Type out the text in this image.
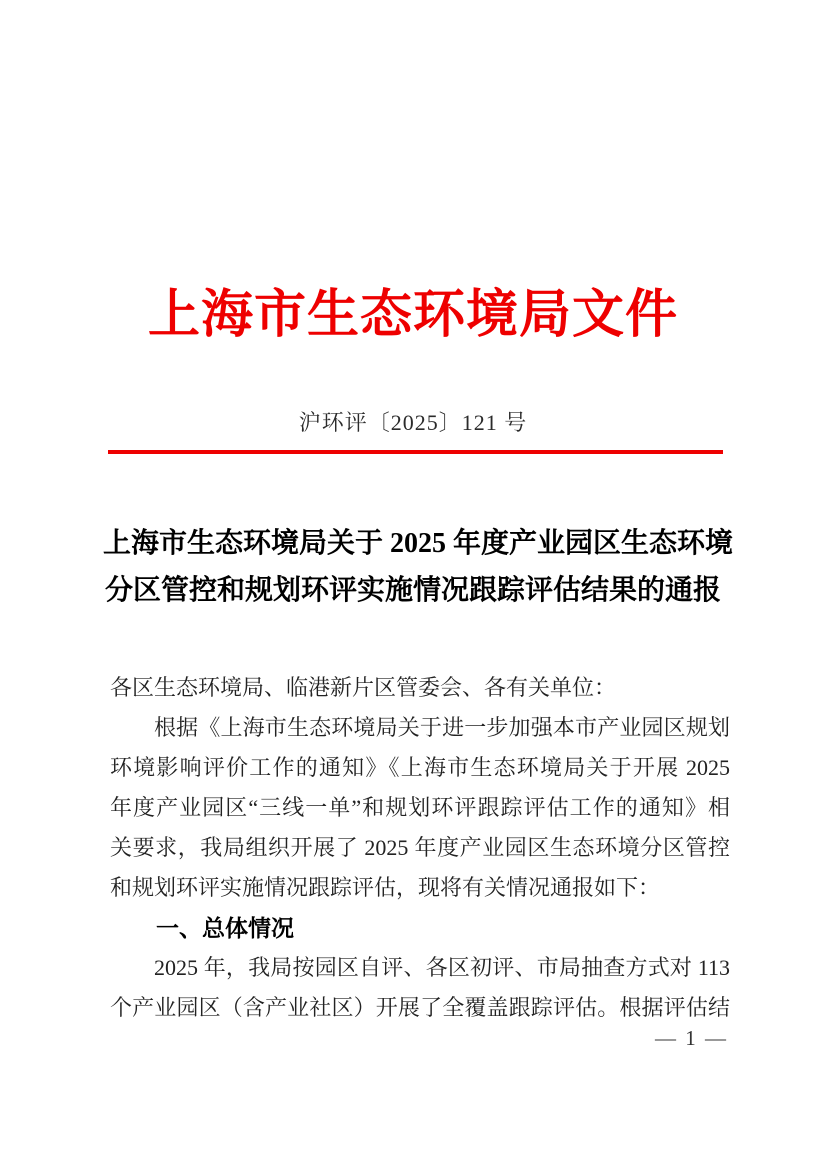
上海市生态环境局文件
沪环评〔2025〕121 号
上海市生态环境局关于 2025 年度产业园区生态环境
分区管控和规划环评实施情况跟踪评估结果的通报
各区生态环境局、临港新片区管委会、各有关单位：
根据《上海市生态环境局关于进一步加强本市产业园区规划
环境影响评价工作的通知》《上海市生态环境局关于开展 2025
年度产业园区“三线一单”和规划环评跟踪评估工作的通知》相
关要求，我局组织开展了 2025 年度产业园区生态环境分区管控
和规划环评实施情况跟踪评估，现将有关情况通报如下：
一、总体情况
2025 年，我局按园区自评、各区初评、市局抽查方式对 113
个产业园区（含产业社区）开展了全覆盖跟踪评估。根据评估结
— 1 —
